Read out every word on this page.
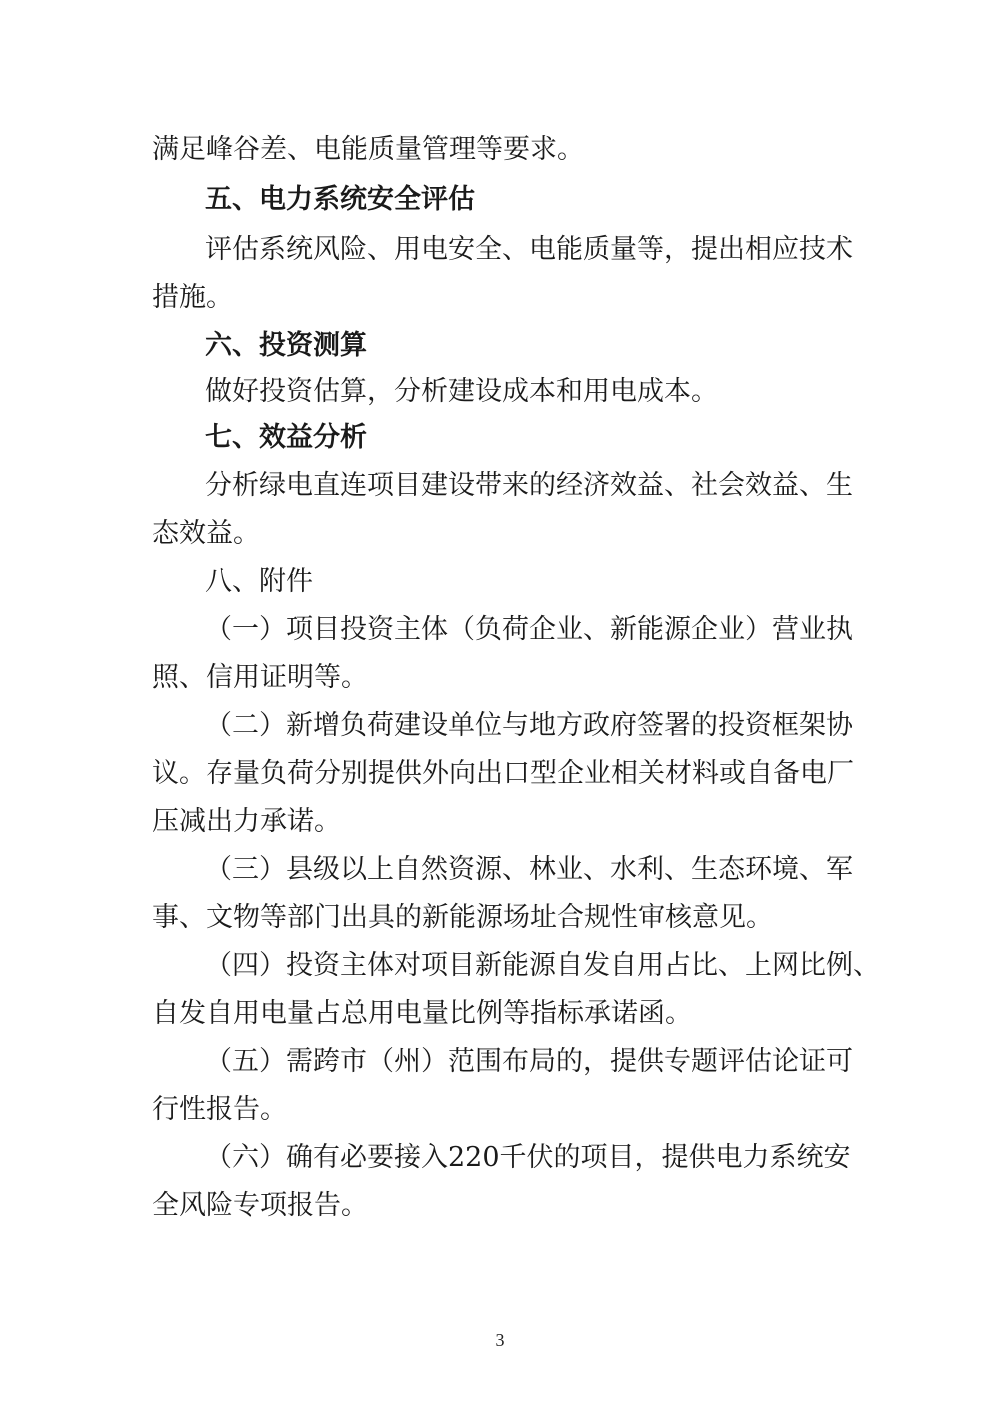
满足峰谷差、电能质量管理等要求。
五、电力系统安全评估
评估系统风险、用电安全、电能质量等，提出相应技术
措施。
六、投资测算
做好投资估算，分析建设成本和用电成本。
七、效益分析
分析绿电直连项目建设带来的经济效益、社会效益、生
态效益。
八、附件
（一）项目投资主体（负荷企业、新能源企业）营业执
照、信用证明等。
（二）新增负荷建设单位与地方政府签署的投资框架协
议。存量负荷分别提供外向出口型企业相关材料或自备电厂
压减出力承诺。
（三）县级以上自然资源、林业、水利、生态环境、军
事、文物等部门出具的新能源场址合规性审核意见。
（四）投资主体对项目新能源自发自用占比、上网比例、
自发自用电量占总用电量比例等指标承诺函。
（五）需跨市（州）范围布局的，提供专题评估论证可
行性报告。
（六）确有必要接入220千伏的项目，提供电力系统安
全风险专项报告。
3
